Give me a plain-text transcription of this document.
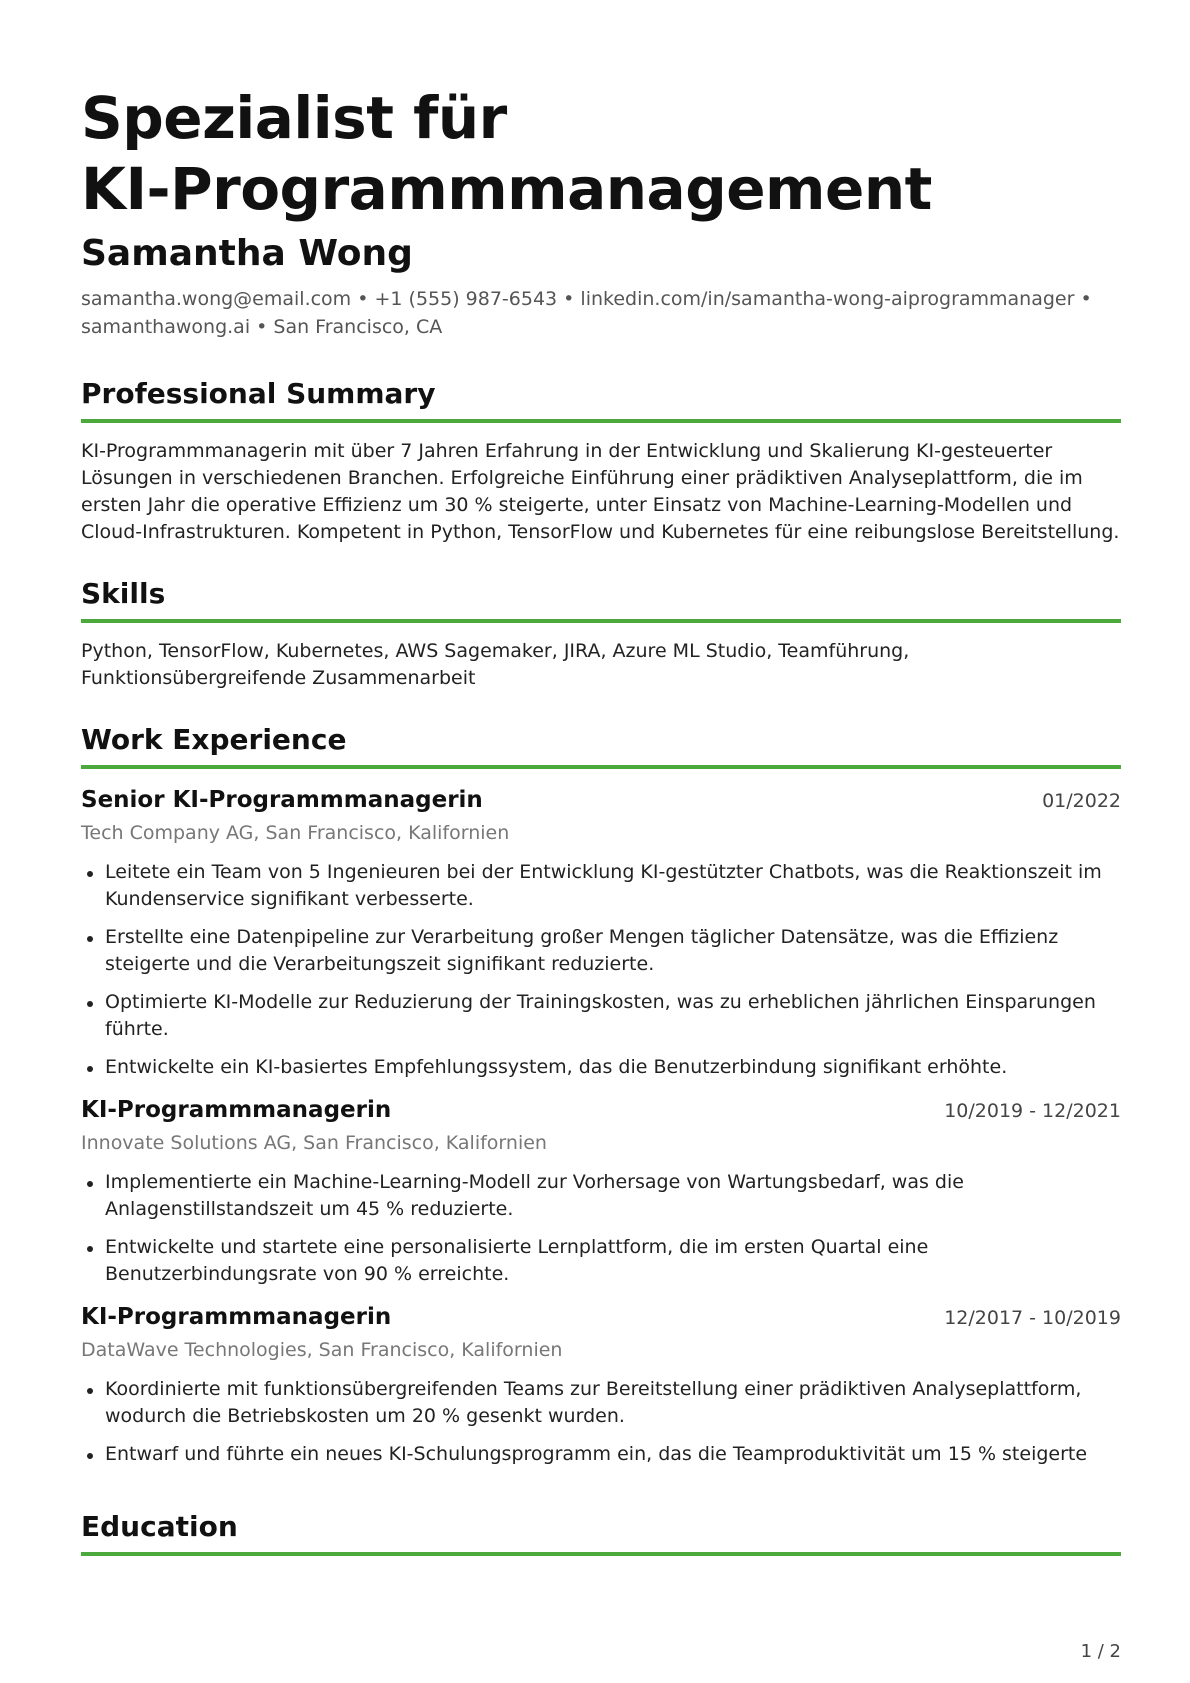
Spezialist für
KI-Programmmanagement
Samantha Wong
samantha.wong@email.com • +1 (555) 987-6543 • linkedin.com/in/samantha-wong-aiprogrammanager •
samanthawong.ai • San Francisco, CA
Professional Summary

KI-Programmmanagerin mit über 7 Jahren Erfahrung in der Entwicklung und Skalierung KI-gesteuerter Lösungen in verschiedenen Branchen. Erfolgreiche Einführung einer prädiktiven Analyseplattform, die im ersten Jahr die operative Effizienz um 30 % steigerte, unter Einsatz von Machine-Learning-Modellen und Cloud-Infrastrukturen. Kompetent in Python, TensorFlow und Kubernetes für eine reibungslose Bereitstellung.

Skills

Python, TensorFlow, Kubernetes, AWS Sagemaker, JIRA, Azure ML Studio, Teamführung, Funktionsübergreifende Zusammenarbeit

Work Experience
Senior KI-Programmmanagerin	01/2022
Tech Company AG, San Francisco, Kalifornien
Leitete ein Team von 5 Ingenieuren bei der Entwicklung KI-gestützter Chatbots, was die Reaktionszeit im Kundenservice signifikant verbesserte.
Erstellte eine Datenpipeline zur Verarbeitung großer Mengen täglicher Datensätze, was die Effizienz steigerte und die Verarbeitungszeit signifikant reduzierte.
Optimierte KI-Modelle zur Reduzierung der Trainingskosten, was zu erheblichen jährlichen Einsparungen führte.
Entwickelte ein KI-basiertes Empfehlungssystem, das die Benutzerbindung signifikant erhöhte.
KI-Programmmanagerin	10/2019 - 12/2021
Innovate Solutions AG, San Francisco, Kalifornien
Implementierte ein Machine-Learning-Modell zur Vorhersage von Wartungsbedarf, was die Anlagenstillstandszeit um 45 % reduzierte.
Entwickelte und startete eine personalisierte Lernplattform, die im ersten Quartal eine Benutzerbindungsrate von 90 % erreichte.
KI-Programmmanagerin	12/2017 - 10/2019
DataWave Technologies, San Francisco, Kalifornien
Koordinierte mit funktionsübergreifenden Teams zur Bereitstellung einer prädiktiven Analyseplattform, wodurch die Betriebskosten um 20 % gesenkt wurden.
Entwarf und führte ein neues KI-Schulungsprogramm ein, das die Teamproduktivität um 15 % steigerte
Education
1 / 2
